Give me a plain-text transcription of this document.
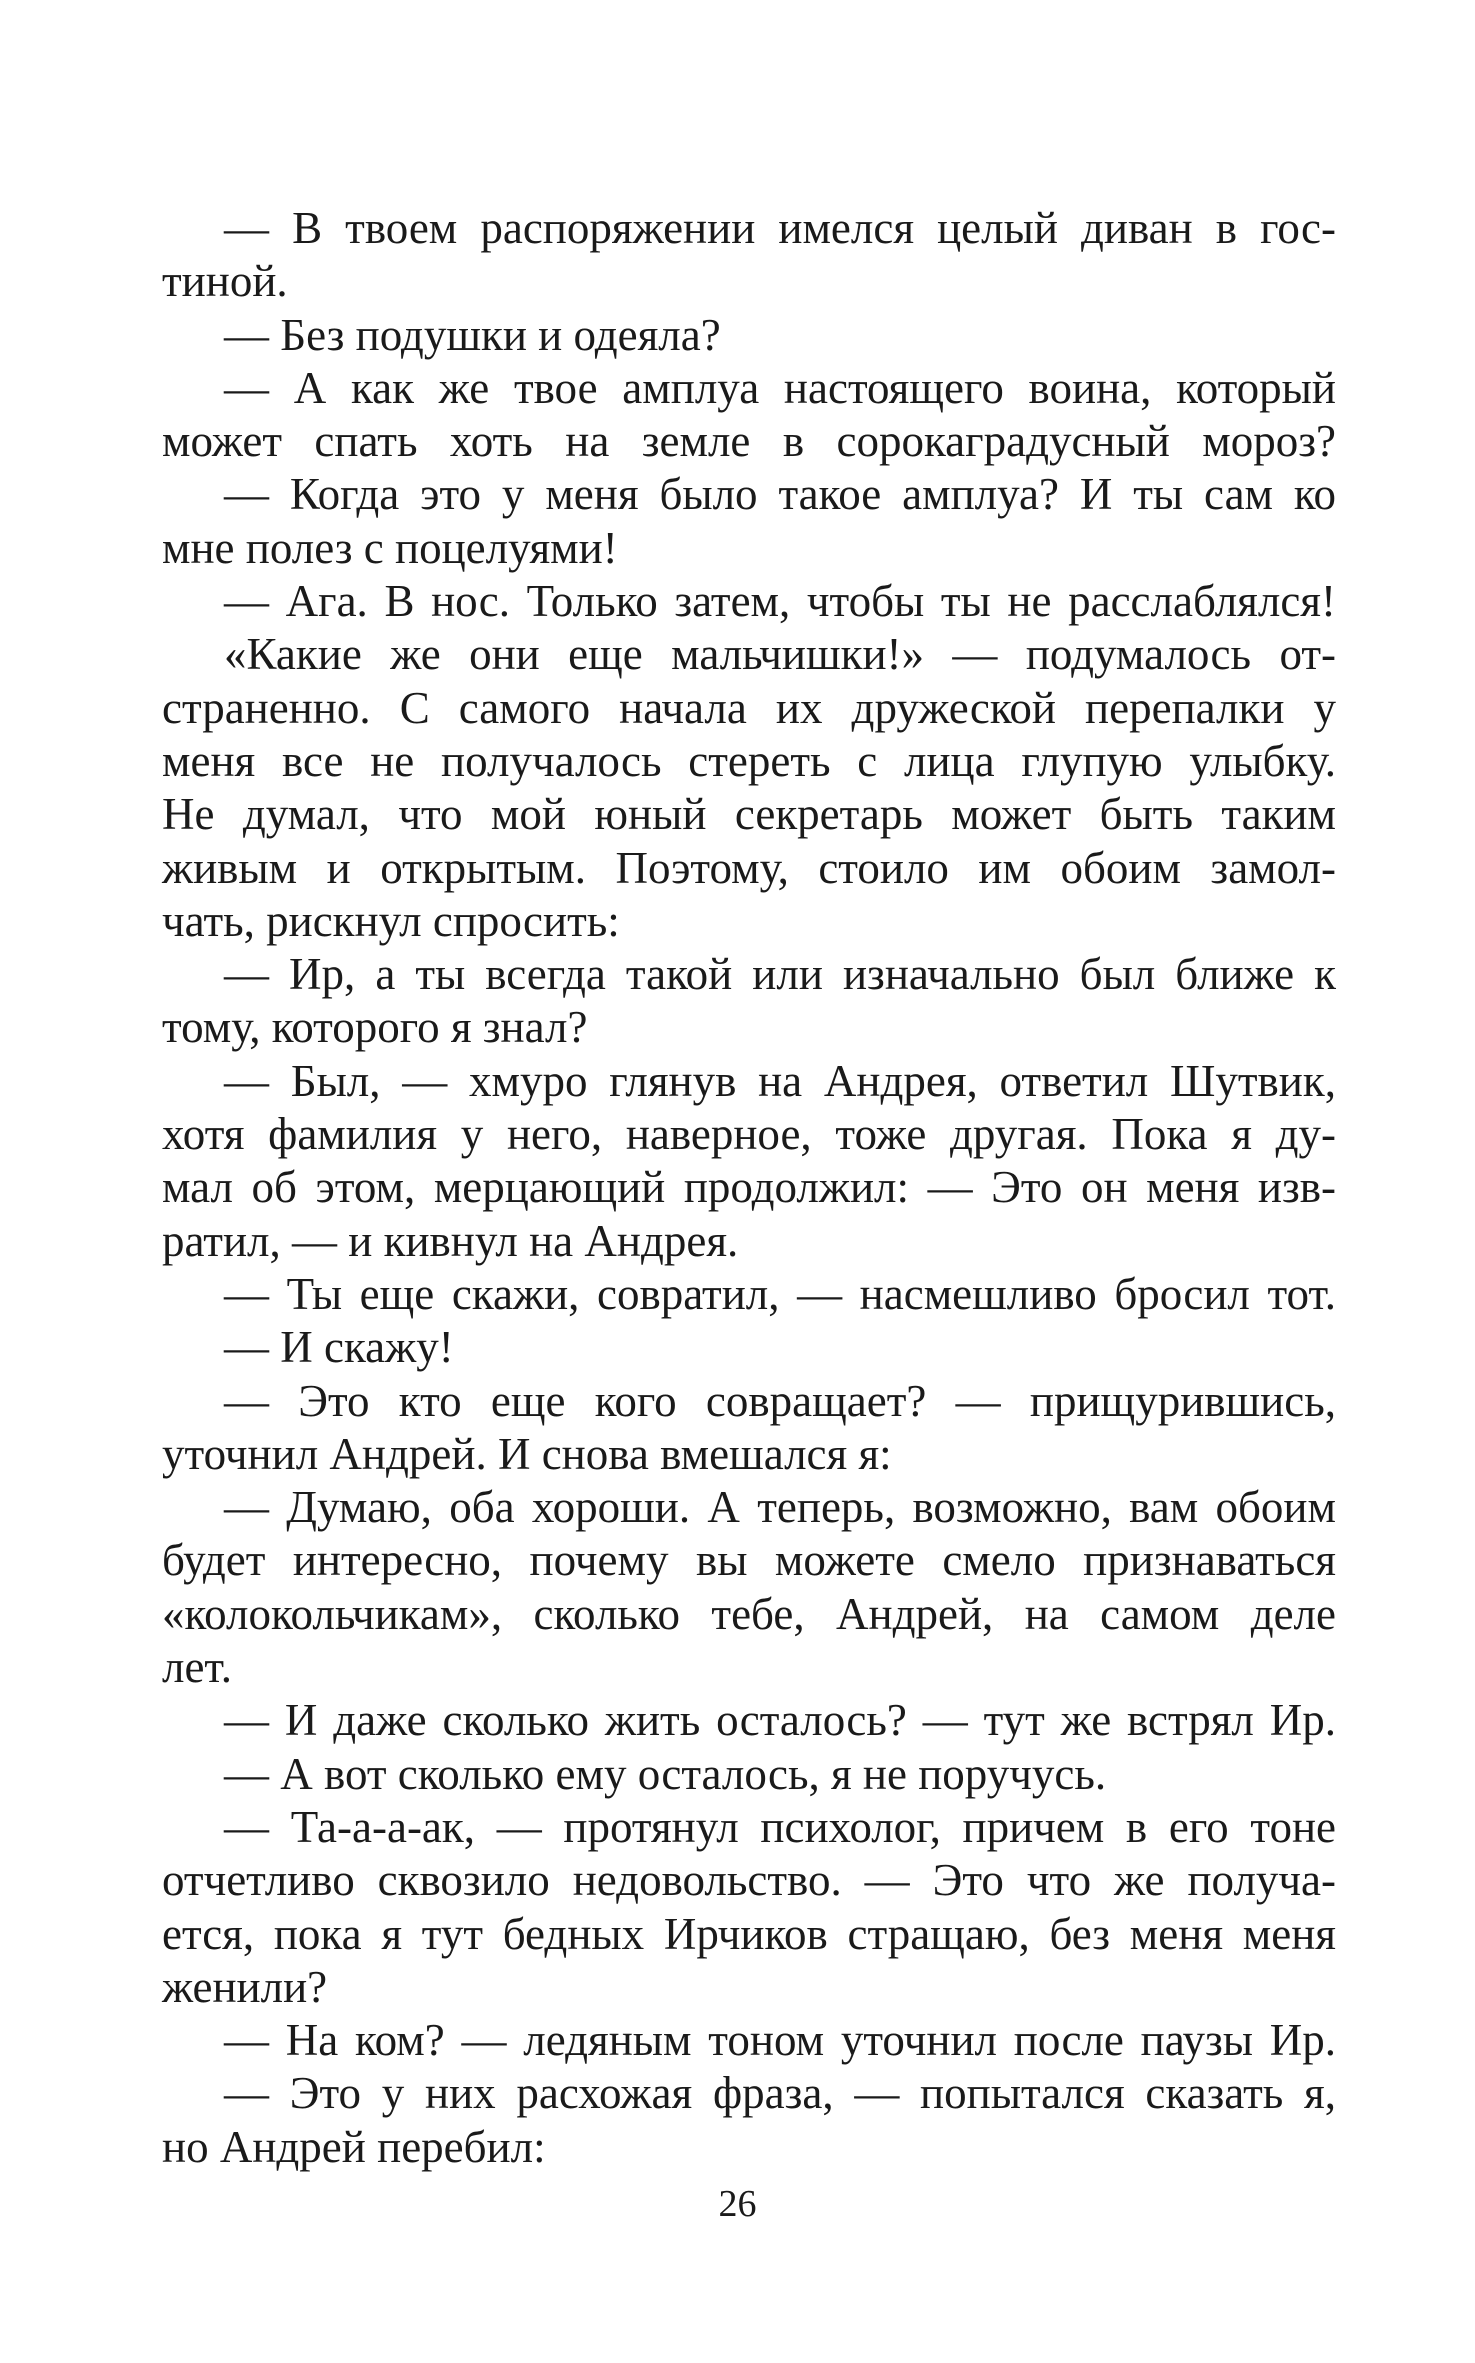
— В твоем распоряжении имелся целый диван в гос-
тиной.
— Без подушки и одеяла?
— А как же твое амплуа настоящего воина, который
может спать хоть на земле в сорокаградусный мороз?
— Когда это у меня было такое амплуа? И ты сам ко
мне полез с поцелуями!
— Ага. В нос. Только затем, чтобы ты не расслаблялся!
«Какие же они еще мальчишки!» — подумалось от-
страненно. С самого начала их дружеской перепалки у
меня все не получалось стереть с лица глупую улыбку.
Не думал, что мой юный секретарь может быть таким
живым и открытым. Поэтому, стоило им обоим замол-
чать, рискнул спросить:
— Ир, а ты всегда такой или изначально был ближе к
тому, которого я знал?
— Был, — хмуро глянув на Андрея, ответил Шутвик,
хотя фамилия у него, наверное, тоже другая. Пока я ду-
мал об этом, мерцающий продолжил: — Это он меня изв-
ратил, — и кивнул на Андрея.
— Ты еще скажи, совратил, — насмешливо бросил тот.
— И скажу!
— Это кто еще кого совращает? — прищурившись,
уточнил Андрей. И снова вмешался я:
— Думаю, оба хороши. А теперь, возможно, вам обоим
будет интересно, почему вы можете смело признаваться
«колокольчикам», сколько тебе, Андрей, на самом деле
лет.
— И даже сколько жить осталось? — тут же встрял Ир.
— А вот сколько ему осталось, я не поручусь.
— Та-а-а-ак, — протянул психолог, причем в его тоне
отчетливо сквозило недовольство. — Это что же получа-
ется, пока я тут бедных Ирчиков стращаю, без меня меня
женили?
— На ком? — ледяным тоном уточнил после паузы Ир.
— Это у них расхожая фраза, — попытался сказать я,
но Андрей перебил:
26
